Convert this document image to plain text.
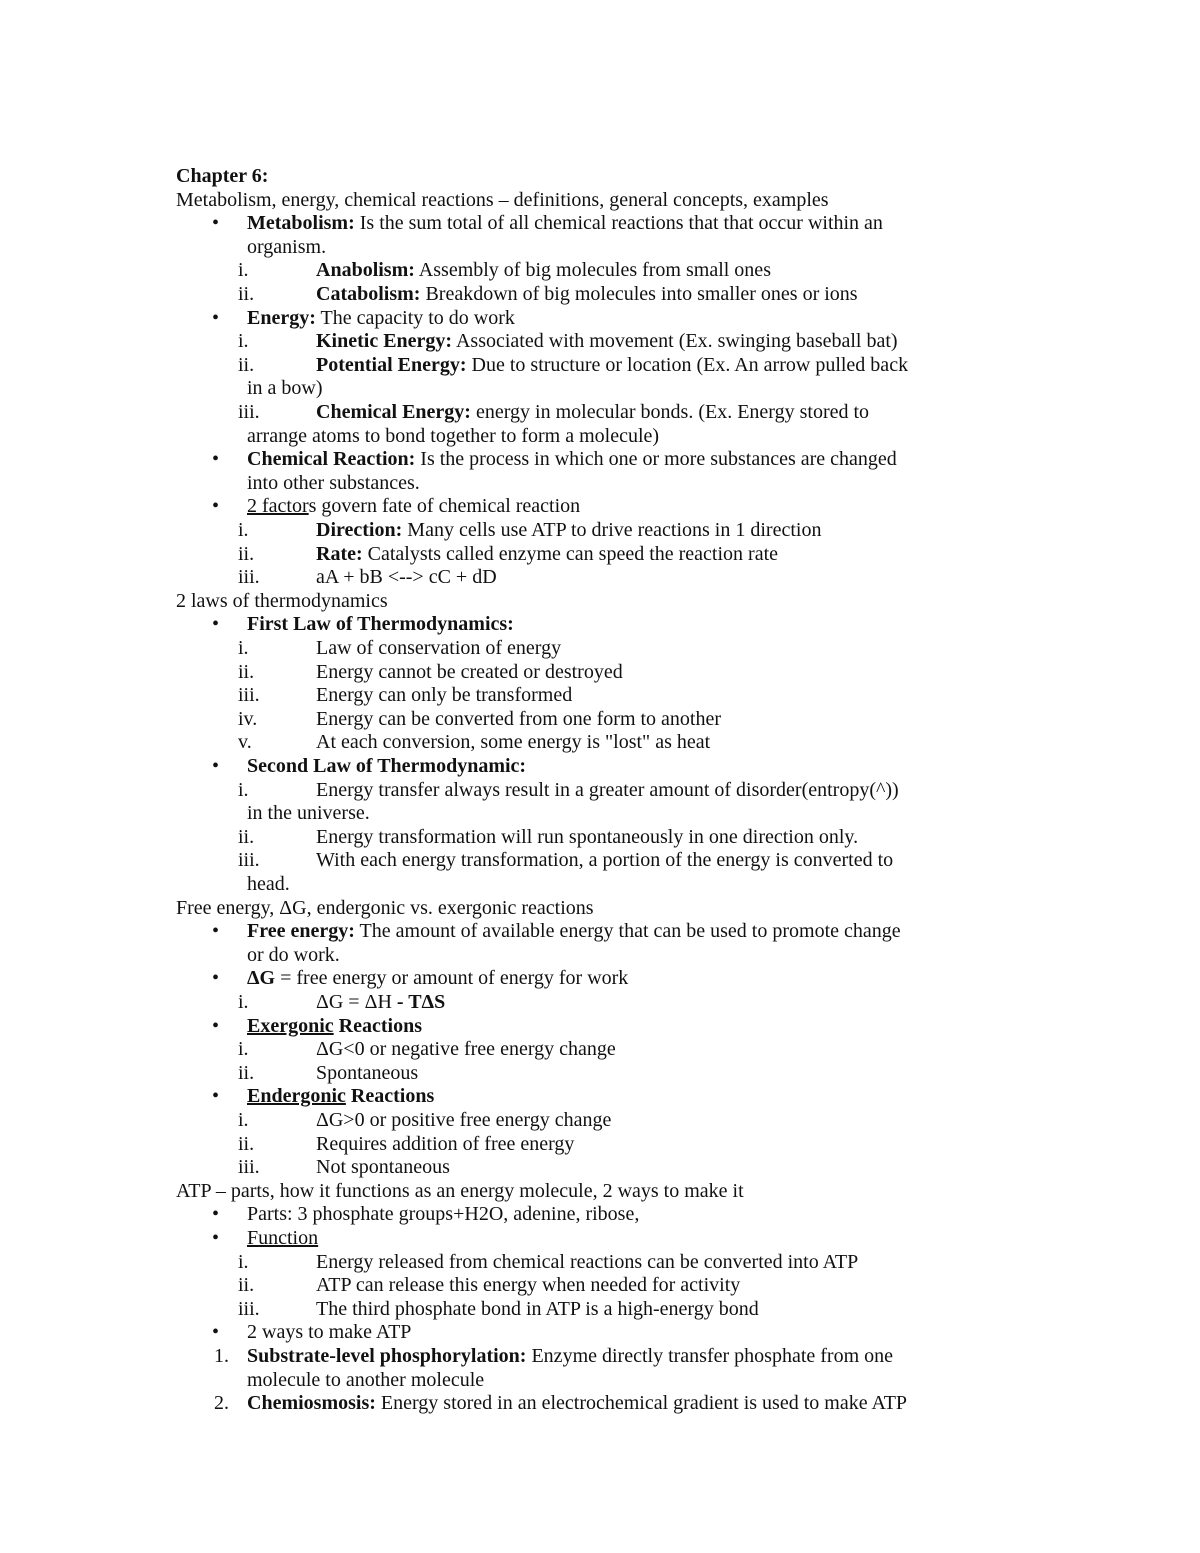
Chapter 6:
Metabolism, energy, chemical reactions – definitions, general concepts, examples
• Metabolism: Is the sum total of all chemical reactions that that occur within an
organism.
i.	Anabolism: Assembly of big molecules from small ones
ii.	Catabolism: Breakdown of big molecules into smaller ones or ions
• Energy: The capacity to do work
i.	Kinetic Energy: Associated with movement (Ex. swinging baseball bat)
ii.	Potential Energy: Due to structure or location (Ex. An arrow pulled back
in a bow)
iii.	Chemical Energy: energy in molecular bonds. (Ex. Energy stored to
arrange atoms to bond together to form a molecule)
• Chemical Reaction: Is the process in which one or more substances are changed
into other substances.
• 2 factors govern fate of chemical reaction
i.	Direction: Many cells use ATP to drive reactions in 1 direction
ii.	Rate: Catalysts called enzyme can speed the reaction rate
iii.	aA + bB <--> cC + dD
2 laws of thermodynamics
• First Law of Thermodynamics:
i.	Law of conservation of energy
ii.	Energy cannot be created or destroyed
iii.	Energy can only be transformed
iv.	Energy can be converted from one form to another
v.	At each conversion, some energy is "lost" as heat
• Second Law of Thermodynamic:
i.	Energy transfer always result in a greater amount of disorder(entropy(^))
in the universe.
ii.	Energy transformation will run spontaneously in one direction only.
iii.	With each energy transformation, a portion of the energy is converted to
head.
Free energy, ΔG, endergonic vs. exergonic reactions
• Free energy: The amount of available energy that can be used to promote change
or do work.
• ΔG = free energy or amount of energy for work
i.	ΔG = ΔH - TΔS
• Exergonic Reactions
i.	ΔG<0 or negative free energy change
ii.	Spontaneous
• Endergonic Reactions
i.	ΔG>0 or positive free energy change
ii.	Requires addition of free energy
iii.	Not spontaneous
ATP – parts, how it functions as an energy molecule, 2 ways to make it
• Parts: 3 phosphate groups+H2O, adenine, ribose,
• Function
i.	Energy released from chemical reactions can be converted into ATP
ii.	ATP can release this energy when needed for activity
iii.	The third phosphate bond in ATP is a high-energy bond
• 2 ways to make ATP
1. Substrate-level phosphorylation: Enzyme directly transfer phosphate from one
molecule to another molecule
2. Chemiosmosis: Energy stored in an electrochemical gradient is used to make ATP
